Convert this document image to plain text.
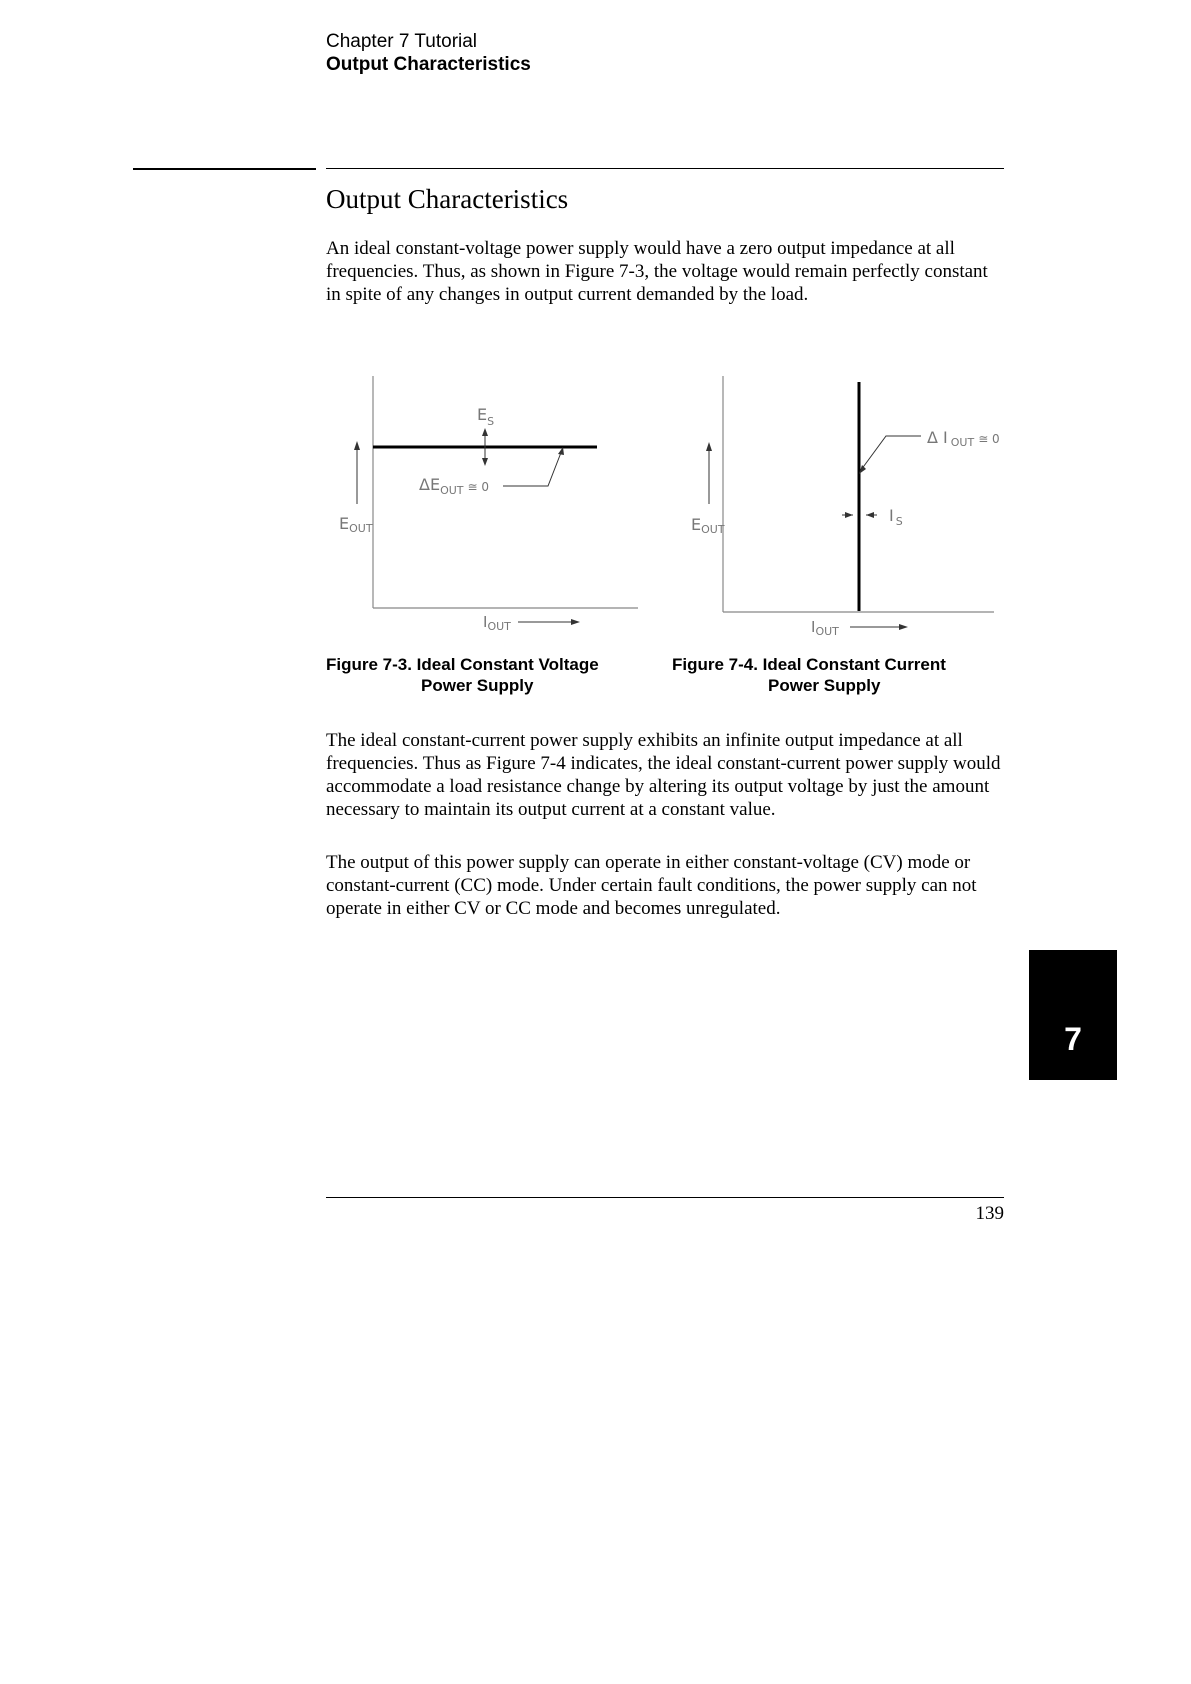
Chapter 7 Tutorial
Output Characteristics
Output Characteristics

An ideal constant-voltage power supply would have a zero output impedance at all frequencies. Thus, as shown in Figure 7-3, the voltage would remain perfectly constant in spite of any changes in output current demanded by the load.

$E_S$
$\Delta E_{OUT}$ ≅ 0
EOUT
$I_{OUT}$
Δ I OUT ≅ 0
I $_S$
EOUT
$I_{OUT}$
Figure 7-3. Ideal Constant Voltage
Power Supply
Figure 7-4. Ideal Constant Current
Power Supply

The ideal constant-current power supply exhibits an infinite output impedance at all frequencies. Thus as Figure 7-4 indicates, the ideal constant-current power supply would accommodate a load resistance change by altering its output voltage by just the amount necessary to maintain its output current at a constant value.

The output of this power supply can operate in either constant-voltage (CV) mode or constant-current (CC) mode. Under certain fault conditions, the power supply can not operate in either CV or CC mode and becomes unregulated.

7
139
